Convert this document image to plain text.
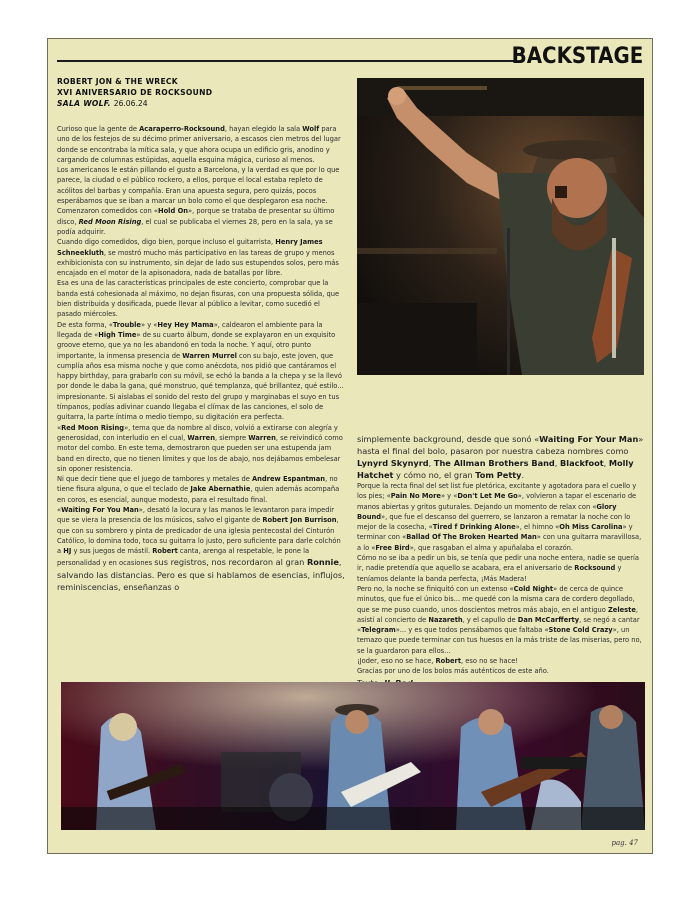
BACKSTAGE
ROBERT JON & THE WRECK
XVI ANIVERSARIO DE ROCKSOUND
SALA WOLF. 26.06.24

Curioso que la gente de Acaraperro-Rocksound, hayan elegido la sala Wolf para uno de los festejos de su décimo primer aniversario, a escasos cien metros del lugar donde se encontraba la mítica sala, y que ahora ocupa un edificio gris, anodino y cargando de columnas estúpidas, aquella esquina mágica, curioso al menos.

Los americanos le están pillando el gusto a Barcelona, y la verdad es que por lo que parece, la ciudad o el público rockero, a ellos, porque el local estaba repleto de acólitos del barbas y compañía. Eran una apuesta segura, pero quizás, pocos esperábamos que se iban a marcar un bolo como el que desplegaron esa noche.

Comenzaron comedidos con «Hold On», porque se trataba de presentar su último disco, Red Moon Rising, el cual se publicaba el viernes 28, pero en la sala, ya se podía adquirir.

Cuando digo comedidos, digo bien, porque incluso el guitarrista, Henry James Schneekluth, se mostró mucho más participativo en las tareas de grupo y menos exhibicionista con su instrumento, sin dejar de lado sus estupendos solos, pero más encajado en el motor de la apisonadora, nada de batallas por libre.

Esa es una de las características principales de este concierto, comprobar que la banda está cohesionada al máximo, no dejan fisuras, con una propuesta sólida, que bien distribuida y dosificada, puede llevar al público a levitar, como sucedió el pasado miércoles.

De esta forma, «Trouble» y «Hey Hey Mama», caldearon el ambiente para la llegada de «High Time» de su cuarto álbum, donde se explayaron en un exquisito groove eterno, que ya no les abandonó en toda la noche. Y aquí, otro punto importante, la inmensa presencia de Warren Murrel con su bajo, este joven, que cumplía años esa misma noche y que como anécdota, nos pidió que cantáramos el happy birthday, para grabarlo con su móvil, se echó la banda a la chepa y se la llevó por donde le daba la gana, qué monstruo, qué templanza, qué brillantez, qué estilo... impresionante. Si aislabas el sonido del resto del grupo y marginabas el suyo en tus tímpanos, podías adivinar cuando llegaba el clímax de las canciones, el solo de guitarra, la parte íntima o medio tiempo, su digitación era perfecta.

«Red Moon Rising», tema que da nombre al disco, volvió a extirarse con alegría y generosidad, con interludio en el cual, Warren, siempre Warren, se reivindicó como motor del combo. En este tema, demostraron que pueden ser una estupenda jam band en directo, que no tienen límites y que los de abajo, nos dejábamos embelesar sin oponer resistencia.

Ni que decir tiene que el juego de tambores y metales de Andrew Espantman, no tiene fisura alguna, o que el teclado de Jake Abernathie, quien además acompaña en coros, es esencial, aunque modesto, para el resultado final.

«Waiting For You Man», desató la locura y las manos le levantaron para impedir que se viera la presencia de los músicos, salvo el gigante de Robert Jon Burrison, que con su sombrero y pinta de predicador de una iglesia pentecostal del Cinturón Católico, lo domina todo, toca su guitarra lo justo, pero suficiente para darle colchón a HJ y sus juegos de mástil. Robert canta, arenga al respetable, le pone la personalidad y en ocasiones sus registros, nos recordaron al gran Ronnie, salvando las distancias. Pero es que si hablamos de esencias, influjos, reminiscencias, enseñanzas o

simplemente background, desde que sonó «Waiting For Your Man» hasta el final del bolo, pasaron por nuestra cabeza nombres como Lynyrd Skynyrd, The Allman Brothers Band, Blackfoot, Molly Hatchet y cómo no, el gran Tom Petty.

Porque la recta final del set list fue pletórica, excitante y agotadora para el cuello y los pies; «Pain No More» y «Don't Let Me Go», volvieron a tapar el escenario de manos abiertas y gritos guturales. Dejando un momento de relax con «Glory Bound», que fue el descanso del guerrero, se lanzaron a rematar la noche con lo mejor de la cosecha, «Tired f Drinking Alone», el himno «Oh Miss Carolina» y terminar con «Ballad Of The Broken Hearted Man» con una guitarra maravillosa, a lo «Free Bird», que rasgaban el alma y apuñalaba el corazón.

Cómo no se iba a pedir un bis, se tenía que pedir una noche entera, nadie se quería ir, nadie pretendía que aquello se acabara, era el aniversario de Rocksound y teníamos delante la banda perfecta, ¡Más Madera!

Pero no, la noche se finiquitó con un extenso «Cold Night» de cerca de quince minutos, que fue el único bis... me quedé con la misma cara de cordero degollado, que se me puso cuando, unos doscientos metros más abajo, en el antiguo Zeleste, asistí al concierto de Nazareth, y el capullo de Dan McCarfferty, se negó a cantar «Telegram»... y es que todos pensábamos que faltaba «Stone Cold Crazy», un temazo que puede terminar con tus huesos en la más triste de las miserias, pero no, se la guardaron para ellos...

¡Joder, eso no se hace, Robert, eso no se hace!

Gracias por uno de los bolos más auténticos de este año.

pag. 47
